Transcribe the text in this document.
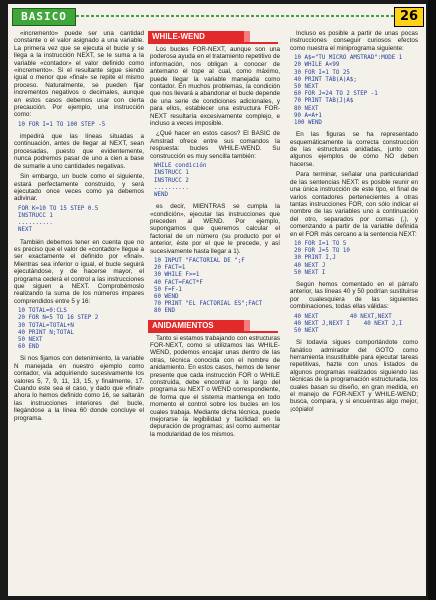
BASICO	26

«incremento» puede ser una cantidad constante o el valor asignado a una variable. La primera vez que se ejecuta el bucle y se llega a la instrucción NEXT, se le suma a la variable «contador» el valor definido como «incremento». Si el resultante sigue siendo igual o menor que «final» se repite el mismo proceso. Naturalmente, se pueden fijar incrementos negativos o decimales, aunque en estos casos debemos usar con cierta precaución. Por ejemplo, una instrucción como:

10 FOR I=1 TO 100 STEP -5

impedirá que las líneas situadas a continuación, antes de llegar al NEXT, sean procesadas, puesto que evidentemente, nunca podremos pasar de uno a cien a base de sumarle a uno cantidades negativas.

Sin embargo, un bucle como el siguiente, estará perfectamente construido, y será ejecutado once veces como ya debemos adivinar.

FOR K=10 TO 15 STEP 0.5
INSTRUCC 1
..........
NEXT

También debemos tener en cuenta que no es preciso que el valor de «contador» llegue a ser exactamente el definido por «final». Mientras sea inferior o igual, el bucle seguirá ejecutándose, y de hacerse mayor, el programa cederá el control a las instrucciones que siguen a NEXT. Comprobémoslo realizando la suma de los números impares comprendidos entre 5 y 16:

10 TOTAL=0:CLS
20 FOR N=5 TO 16 STEP 2
30 TOTAL=TOTAL+N
40 PRINT N;TOTAL
50 NEXT
60 END

Si nos fijamos con detenimiento, la variable N manejada en nuestro ejemplo como contador, vía adquiriendo sucesivamente los valores 5, 7, 9, 11, 13, 15, y finalmente, 17. Cuando este sea el caso, y dado que «final» ahora lo hemos definido como 16, se saltarán las instrucciones interiores del bucle, llegándose a la línea 60 donde concluye el programa.

WHILE-WEND

Los bucles FOR-NEXT, aunque son una poderosa ayuda en el tratamiento repetitivo de información, nos obligan a conocer de antemano el tope al cual, como máximo, puede llegar la variable manejada como contador. En muchos problemas, la condición que nos llevará a abandonar el bucle depende de una serie de condiciones adicionales, y para ellos, establecer una estructura FOR-NEXT resultaría excesivamente complejo, e incluso a veces imposible.

¿Qué hacer en estos casos? El BASIC de Amstrad ofrece entre sus comandos la respuesta: bucles WHILE-WEND. Su construcción es muy sencilla también:

WHILE condición
INSTRUCC 1
INSTRUCC 2
..........
WEND

es decir, MIENTRAS se cumpla la «condición», ejecutar las instrucciones que preceden al WEND. Por ejemplo, supongamos que queremos calcular el factorial de un número (su producto por el anterior, éste por el que le precede, y así sucesivamente hasta llegar a 1).

10 INPUT "FACTORIAL DE ";F
20 FACT=1
30 WHILE F>=1
40 FACT=FACT*F
50 F=F-1
60 WEND
70 PRINT "EL FACTORIAL ES";FACT
80 END
ANIDAMIENTOS

Tanto si estamos trabajando con estructuras FOR-NEXT, como si utilizamos las WHILE-WEND, podemos encajar unas dentro de las otras, técnica conocida con el nombre de anidamiento. En estos casos, hemos de tener presente que cada instrucción FOR o WHILE construida, debe encontrar a lo largo del programa su NEXT o WEND correspondiente, de forma que el sistema mantenga en todo momento el control sobre los bucles en los cuales trabaja. Mediante dicha técnica, puede mejorarse la legibilidad y facilidad en la depuración de programas; así como aumentar la modularidad de los mismos.

Incluso es posible a partir de unas pocas instrucciones conseguir curiosos efectos como nuestra el miniprograma siguiente:

10 A$="TU MICRO AMSTRAD":MODE 1
20 WHILE A<99
30 FOR I=1 TO 25
40 PRINT TAB(A)A$;
50 NEXT
60 FOR J=24 TO 2 STEP -1
70 PRINT TAB(J)A$
80 NEXT
90 A=A+1
100 WEND

En las figuras se ha representado esquemáticamente la correcta construcción de las estructuras anidadas, junto con algunos ejemplos de cómo NO deben hacerse.

Para terminar, señalar una particularidad de las sentencias NEXT: es posible reunir en una única instrucción de este tipo, el final de varios contadores pertenecientes a otras tantas instrucciones FOR, con sólo indicar el nombre de las variables uno a continuación del otro, separados por comas (,), y comenzando a partir de la variable definida en el FOR más cercano a la sentencia NEXT:

10 FOR I=1 TO 5
20 FOR J=5 TO 10
30 PRINT I,J
40 NEXT J
50 NEXT I

Según hemos comentado en el párrafo anterior, las líneas 40 y 50 podrían sustituirse por cualesquiera de las siguientes combinaciones, todas ellas válidas:

40 NEXT         40 NEXT,NEXT
40 NEXT J,NEXT I    40 NEXT J,I
50 NEXT

Si todavía sigues comportándote como fanático admirador del GOTO como herramienta insustituible para ejecutar tareas repetitivas, hazte con unos listados de algunos programas realizados siguiendo las técnicas de la programación estructurada, los cuales basan su diseño, en gran medida, en el manejo de FOR-NEXT y WHILE-WEND; busca, compara, y si encuentras algo mejor, ¡cópialo!
